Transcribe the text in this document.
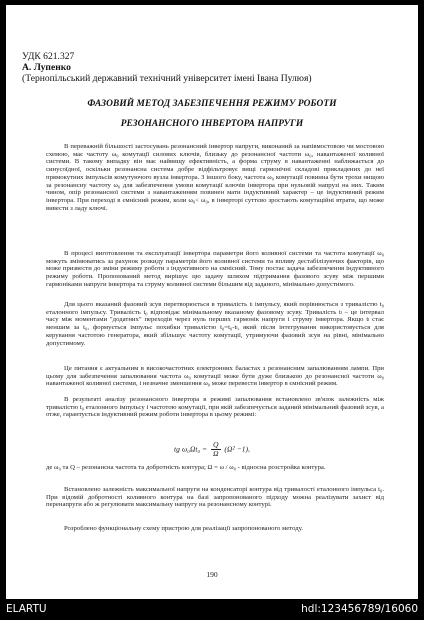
УДК 621.327
А. Лупенко
(Тернопільський державний технічний університет імені Івана Пулюя)
ФАЗОВИЙ МЕТОД ЗАБЕЗПЕЧЕННЯ РЕЖИМУ РОБОТИ
РЕЗОНАНСНОГО ІНВЕРТОРА НАПРУГИ

В переважній більшості застосувань резонансний інвертор напруги, виконаний за напівмостовою чи мостовою схемою, має частоту ω₀ комутації силових ключів, близьку до резонансної частоти ω₀, навантаженої коливної системи. В такому випадку він має найвищу ефективність, а форма струму в навантаженні наближається до синусоїдної, оскільки резонансна система добре відфільтровує вищі гармонічні складові прикладених до неї прямокутних імпульсів комутуючого вузла інвертора. З іншого боку, частота ω₀ комутації повинна бути трохи нищою за резонансну частоту ω₀ для забезпечення умови комутації ключів інвертора при нульовій напрузі на них. Таким чином, опір резонансної системи з навантаженням повинен мати індуктивний характер – це індуктивний режим інвертора. При переході в ємнісний режим, коли ω₀< ω₀, в інверторі суттєво зростають комутаційні втрати, що може вивести з ладу ключі.

В процесі виготовлення та експлуатації інвертора параметри його коливної системи та частота комутації ω₀ можуть змінюватись за рахунок розкиду параметрів його коливної системи та впливу дестабілізуючих факторів, що може призвести до зміни режиму роботи з індуктивного на ємнісний. Тому постає задача забезпечення індуктивного режиму роботи. Пропонований метод вирішує цю задачу шляхом підтримання фазового зсуву між першими гармоніками напруги інвертора та струму коливної системи більшим від заданого, мінімально допустимого.

Для цього вказаний фазовий зсув перетворюється в тривалість tₗ імпульсу, який порівнюється з тривалістю t₀ еталонного імпульсу. Тривалість t₀ відповідає мінімальному вказаному фазовому зсуву. Тривалість tₗ – це інтервал часу між моментами "додатних" переходів через нуль перших гармонік напруги і струму інвертора. Якщо tₗ стає меншим за t₀, формується імпульс похибки тривалістю t₀=t₀-tₗ, який після інтегрування використовується для керування частотою генератора, який збільшує частоту комутації, утримуючи фазовий зсув на рівні, мінімально допустимому.

Це питання є актуальним в високочастотних електронних баластах з резонансним запалюванням лампи. При цьому для забезпечення запалювання частота ω₀ комутації може бути дуже близькою до резонансної частоти ω₀ навантаженої коливної системи, і незначне зменшення ω₀ може перевести інвертор в ємнісний режим.

В результаті аналізу резонансного інвертора в режимі запалювання встановлено зв'язок залежність між тривалістю t₀ еталонного імпульсу і частотою комутації, при якій забезпечується заданий мінімальний фазовий зсув, а отже, гарантується індуктивний режим роботи інвертора в цьому режимі:

tg $\omega_0\Omega t_0 = \frac{Q}{\Omega} (\Omega^2 -1)$,

де ω₀ та Q – резонансна частота та добротність контура; Ω = ω / ω₀ - відносна розстройка контура.

Встановлено залежність максимальної напруги на конденсаторі контура від тривалості еталонного імпульса t₀. При відомій добротності коливного контура на базі запропонованого підходу можна реалізувати захист від перенапруги або ж регулювати максимальну напругу на резонансному контурі.

Розроблено функціональну схему пристрою для реалізації запропонованого методу.

190
ELARTU	hdl:123456789/16060
